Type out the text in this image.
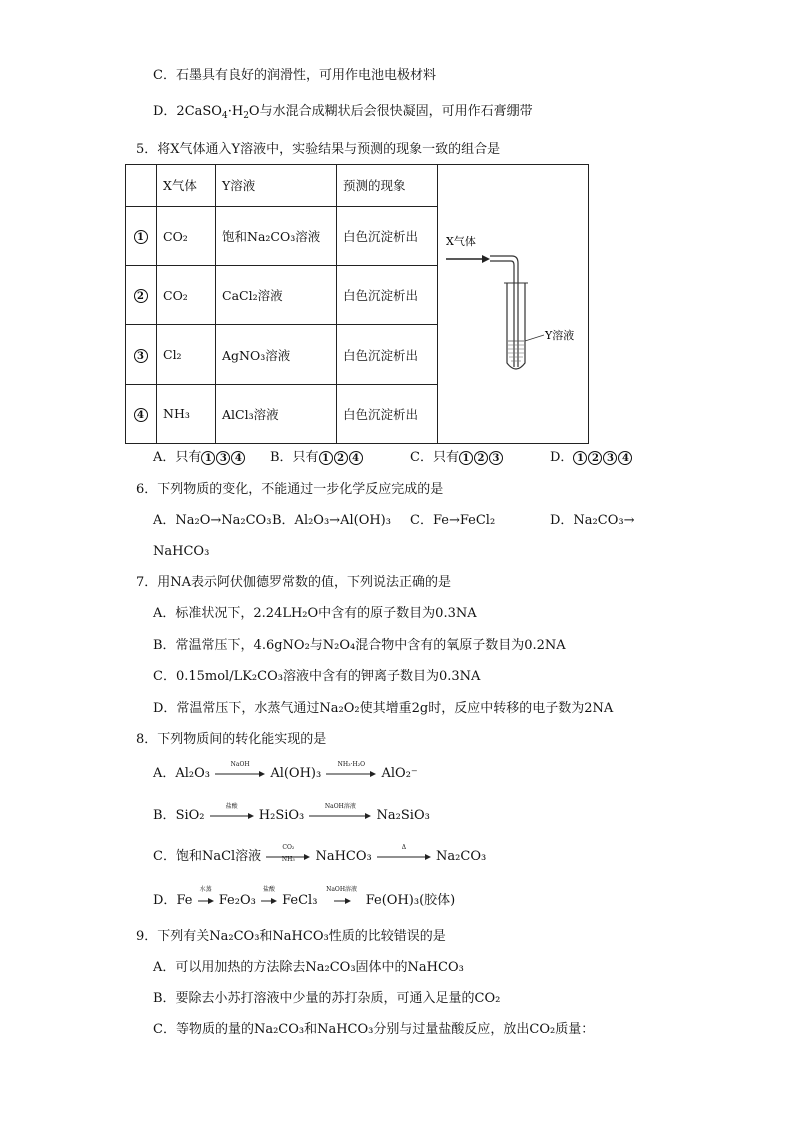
C．石墨具有良好的润滑性，可用作电池电极材料
D．$2CaSO_4\cdot H_2O$与水混合成糊状后会很快凝固，可用作石膏绷带
5．将X气体通入Y溶液中，实验结果与预测的现象一致的组合是
	X气体	Y溶液	预测的现象	X气体
Y溶液

1	CO₂	饱和Na₂CO₃溶液	白色沉淀析出	
2	CO₂	CaCl₂溶液	白色沉淀析出	
3	Cl₂	AgNO₃溶液	白色沉淀析出	
4	NH₃	AlCl₃溶液	白色沉淀析出	
A．只有 1 3 4	B．只有 1 2 4	C．只有 1 2 3	D． 1 2 3 4
6．下列物质的变化，不能通过一步化学反应完成的是
A．Na₂O→Na₂CO₃ B．Al₂O₃→Al(OH)₃ C．Fe→FeCl₂	D．Na₂CO₃→
NaHCO₃
7．用NA表示阿伏伽德罗常数的值，下列说法正确的是
A．标准状况下，2.24LH₂O中含有的原子数目为0.3NA
B．常温常压下，4.6gNO₂与N₂O₄混合物中含有的氧原子数目为0.2NA
C．0.15mol/LK₂CO₃溶液中含有的钾离子数目为0.3NA
D．常温常压下，水蒸气通过Na₂O₂使其增重2g时，反应中转移的电子数为2NA
8．下列物质间的转化能实现的是
A．Al₂O₃
NaOH
Al(OH)₃
NH₃·H₂O
AlO₂⁻
B．SiO₂
盐酸
H₂SiO₃
NaOH溶液
Na₂SiO₃
C．饱和NaCl溶液
CO₂
NH₃	NaHCO₃
Δ
Na₂CO₃
D．Fe
水蒸
Fe₂O₃
盐酸
FeCl₃
NaOH溶液
Fe(OH)₃(胶体)
9．下列有关Na₂CO₃和NaHCO₃性质的比较错误的是
A．可以用加热的方法除去Na₂CO₃固体中的NaHCO₃
B．要除去小苏打溶液中少量的苏打杂质，可通入足量的CO₂
C．等物质的量的Na₂CO₃和NaHCO₃分别与过量盐酸反应，放出CO₂质量：
